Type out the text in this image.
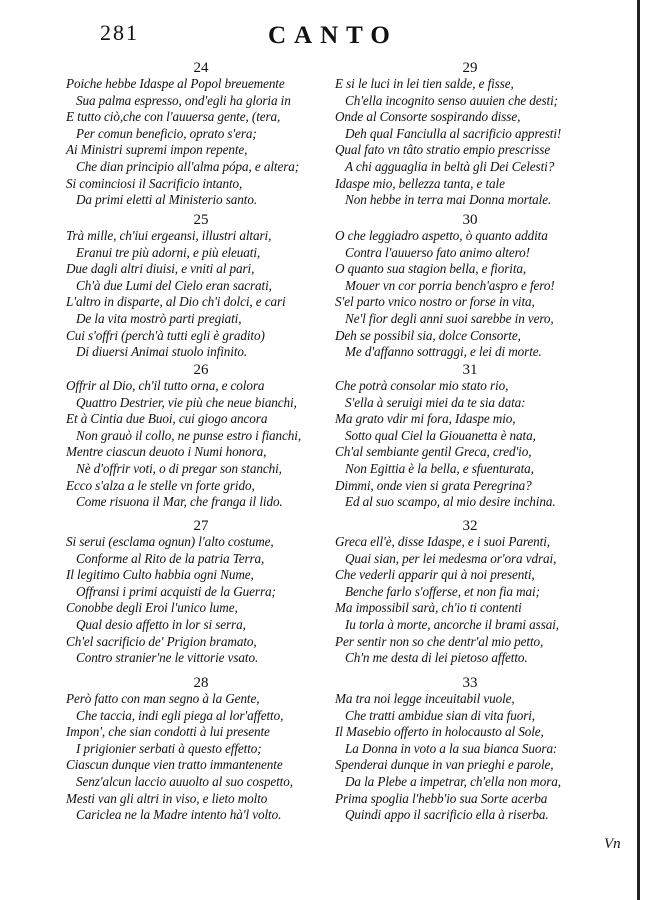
281	CANTO
24
Poiche hebbe Idaspe al Popol breuemente
Sua palma espresso, ond'egli ha gloria in
E tutto ciò,che con l'auuersa gente, (tera,
Per comun beneficio, oprato s'era;
Ai Ministri supremi impon repente,
Che dian principio all'alma pópa, e altera;
Si cominciosi il Sacrificio intanto,
Da primi eletti al Ministerio santo.
25
Trà mille, ch'iui ergeansi, illustri altari,
Eranui tre più adorni, e più eleuati,
Due dagli altri diuisi, e vniti al pari,
Ch'à due Lumi del Cielo eran sacrati,
L'altro in disparte, al Dio ch'i dolci, e cari
De la vita mostrò parti pregiati,
Cui s'offri (perch'à tutti egli è gradito)
Di diuersi Animai stuolo infinito.
26
Offrir al Dio, ch'il tutto orna, e colora
Quattro Destrier, vie più che neue bianchi,
Et à Cintia due Buoi, cui giogo ancora
Non grauò il collo, ne punse estro i fianchi,
Mentre ciascun deuoto i Numi honora,
Nè d'offrir voti, o di pregar son stanchi,
Ecco s'alza a le stelle vn forte grido,
Come risuona il Mar, che franga il lido.
27
Si serui (esclama ognun) l'alto costume,
Conforme al Rito de la patria Terra,
Il legitimo Culto habbia ogni Nume,
Offransi i primi acquisti de la Guerra;
Conobbe degli Eroi l'unico lume,
Qual desio affetto in lor si serra,
Ch'el sacrificio de' Prigion bramato,
Contro stranier'ne le vittorie vsato.
28
Però fatto con man segno à la Gente,
Che taccia, indi egli piega al lor'affetto,
Impon', che sian condotti à lui presente
I prigionier serbati à questo effetto;
Ciascun dunque vien tratto immantenente
Senz'alcun laccio auuolto al suo cospetto,
Mesti van gli altri in viso, e lieto molto
Cariclea ne la Madre intento hà'l volto.
29
E si le luci in lei tien salde, e fisse,
Ch'ella incognito senso auuien che desti;
Onde al Consorte sospirando disse,
Deh qual Fanciulla al sacrificio appresti!
Qual fato vn tâto stratio empio prescrisse
A chi agguaglia in beltà gli Dei Celesti?
Idaspe mio, bellezza tanta, e tale
Non hebbe in terra mai Donna mortale.
30
O che leggiadro aspetto, ò quanto addita
Contra l'auuerso fato animo altero!
O quanto sua stagion bella, e fiorita,
Mouer vn cor porria bench'aspro e fero!
S'el parto vnico nostro or forse in vita,
Ne'l fior degli anni suoi sarebbe in vero,
Deh se possibil sia, dolce Consorte,
Me d'affanno sottraggi, e lei di morte.
31
Che potrà consolar mio stato rio,
S'ella à seruigi miei da te sia data:
Ma grato vdir mi fora, Idaspe mio,
Sotto qual Ciel la Giouanetta è nata,
Ch'al sembiante gentil Greca, cred'io,
Non Egittia è la bella, e sfuenturata,
Dimmi, onde vien si grata Peregrina?
Ed al suo scampo, al mio desire inchina.
32
Greca ell'è, disse Idaspe, e i suoi Parenti,
Quai sian, per lei medesma or'ora vdrai,
Che vederli apparir qui à noi presenti,
Benche farlo s'offerse, et non fia mai;
Ma impossibil sarà, ch'io ti contenti
Iu torla à morte, ancorche il brami assai,
Per sentir non so che dentr'al mio petto,
Ch'n me desta di lei pietoso affetto.
33
Ma tra noi legge inceuitabil vuole,
Che tratti ambidue sian di vita fuori,
Il Masebio offerto in holocausto al Sole,
La Donna in voto a la sua bianca Suora:
Spenderai dunque in van prieghi e parole,
Da la Plebe a impetrar, ch'ella non mora,
Prima spoglia l'hebb'io sua Sorte acerba
Quindi appo il sacrificio ella à riserba.
Vn
